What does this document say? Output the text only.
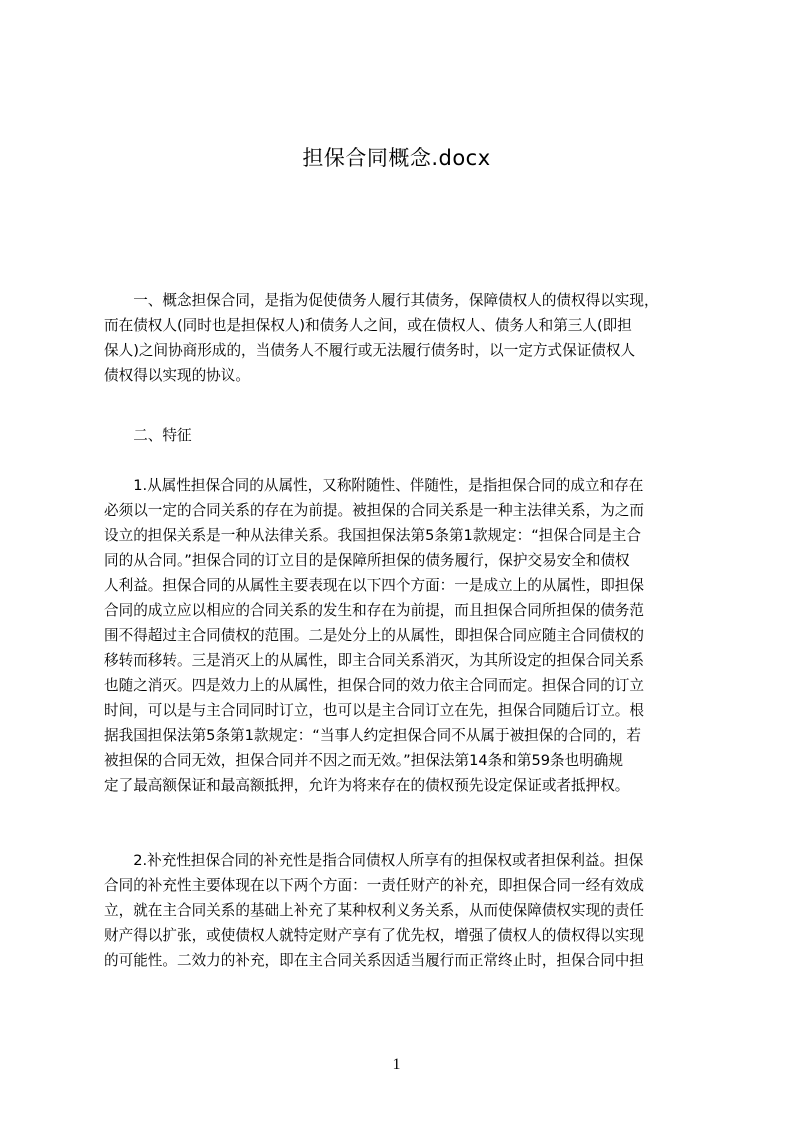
担保合同概念.docx
　　一、概念担保合同，是指为促使债务人履行其债务，保障债权人的债权得以实现，
而在债权人(同时也是担保权人)和债务人之间，或在债权人、债务人和第三人(即担
保人)之间协商形成的，当债务人不履行或无法履行债务时，以一定方式保证债权人
债权得以实现的协议。
　　二、特征
　　1.从属性担保合同的从属性，又称附随性、伴随性，是指担保合同的成立和存在
必须以一定的合同关系的存在为前提。被担保的合同关系是一种主法律关系，为之而
设立的担保关系是一种从法律关系。我国担保法第5条第1款规定：“担保合同是主合
同的从合同。”担保合同的订立目的是保障所担保的债务履行，保护交易安全和债权
人利益。担保合同的从属性主要表现在以下四个方面：一是成立上的从属性，即担保
合同的成立应以相应的合同关系的发生和存在为前提，而且担保合同所担保的债务范
围不得超过主合同债权的范围。二是处分上的从属性，即担保合同应随主合同债权的
移转而移转。三是消灭上的从属性，即主合同关系消灭，为其所设定的担保合同关系
也随之消灭。四是效力上的从属性，担保合同的效力依主合同而定。担保合同的订立
时间，可以是与主合同同时订立，也可以是主合同订立在先，担保合同随后订立。根
据我国担保法第5条第1款规定：“当事人约定担保合同不从属于被担保的合同的，若
被担保的合同无效，担保合同并不因之而无效。”担保法第14条和第59条也明确规
定了最高额保证和最高额抵押，允许为将来存在的债权预先设定保证或者抵押权。
　　2.补充性担保合同的补充性是指合同债权人所享有的担保权或者担保利益。担保
合同的补充性主要体现在以下两个方面：一责任财产的补充，即担保合同一经有效成
立，就在主合同关系的基础上补充了某种权利义务关系，从而使保障债权实现的责任
财产得以扩张，或使债权人就特定财产享有了优先权，增强了债权人的债权得以实现
的可能性。二效力的补充，即在主合同关系因适当履行而正常终止时，担保合同中担
1
